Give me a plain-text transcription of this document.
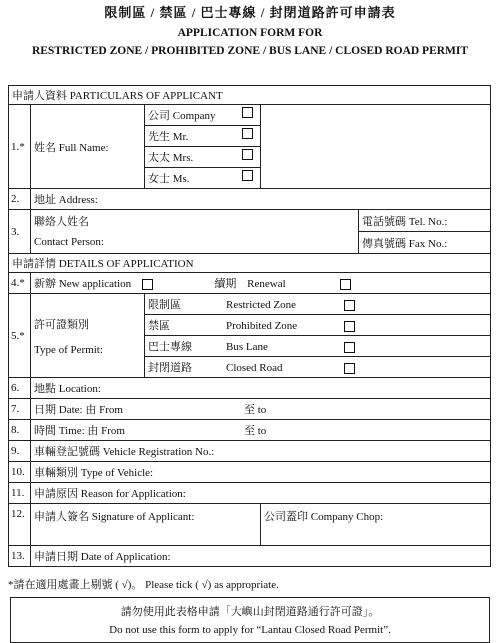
限制區 / 禁區 / 巴士專線 / 封閉道路許可申請表
APPLICATION FORM FOR
RESTRICTED ZONE / PROHIBITED ZONE / BUS LANE / CLOSED ROAD PERMIT
申請人資料 PARTICULARS OF APPLICANT				
1.*	姓名 Full Name:	公司 Company	

		先生 Mr.		

		太太 Mrs.		

		女士 Ms.		

2.	地址 Address:			
3.	聯絡人姓名			電話號碼 Tel. No.:
	Contact Person:			傳真號碼 Fax No.:
申請詳情 DETAILS OF APPLICATION				
4.*	新辦 New application 續期 Renewal			
5.*	許可證類別

Type of Permit:	限制區 Restricted Zone		
		禁區 Prohibited Zone		
		巴士專線 Bus Lane		
		封閉道路 Closed Road		
6.	地點 Location:			
7.	日期 Date: 由 From 至 to			
8.	時間 Time: 由 From 至 to			
9.	車輛登記號碼 Vehicle Registration No.:			
10.	車輛類別 Type of Vehicle:			
11.	申請原因 Reason for Application:			
12.	申請人簽名 Signature of Applicant:		公司蓋印 Company Chop:	
13.	申請日期 Date of Application:			
*請在適用處畫上剔號 ( √)。 Please tick ( √) as appropriate.
請勿使用此表格申請「大嶼山封閉道路通行許可證」。
Do not use this form to apply for “Lantau Closed Road Permit”.
